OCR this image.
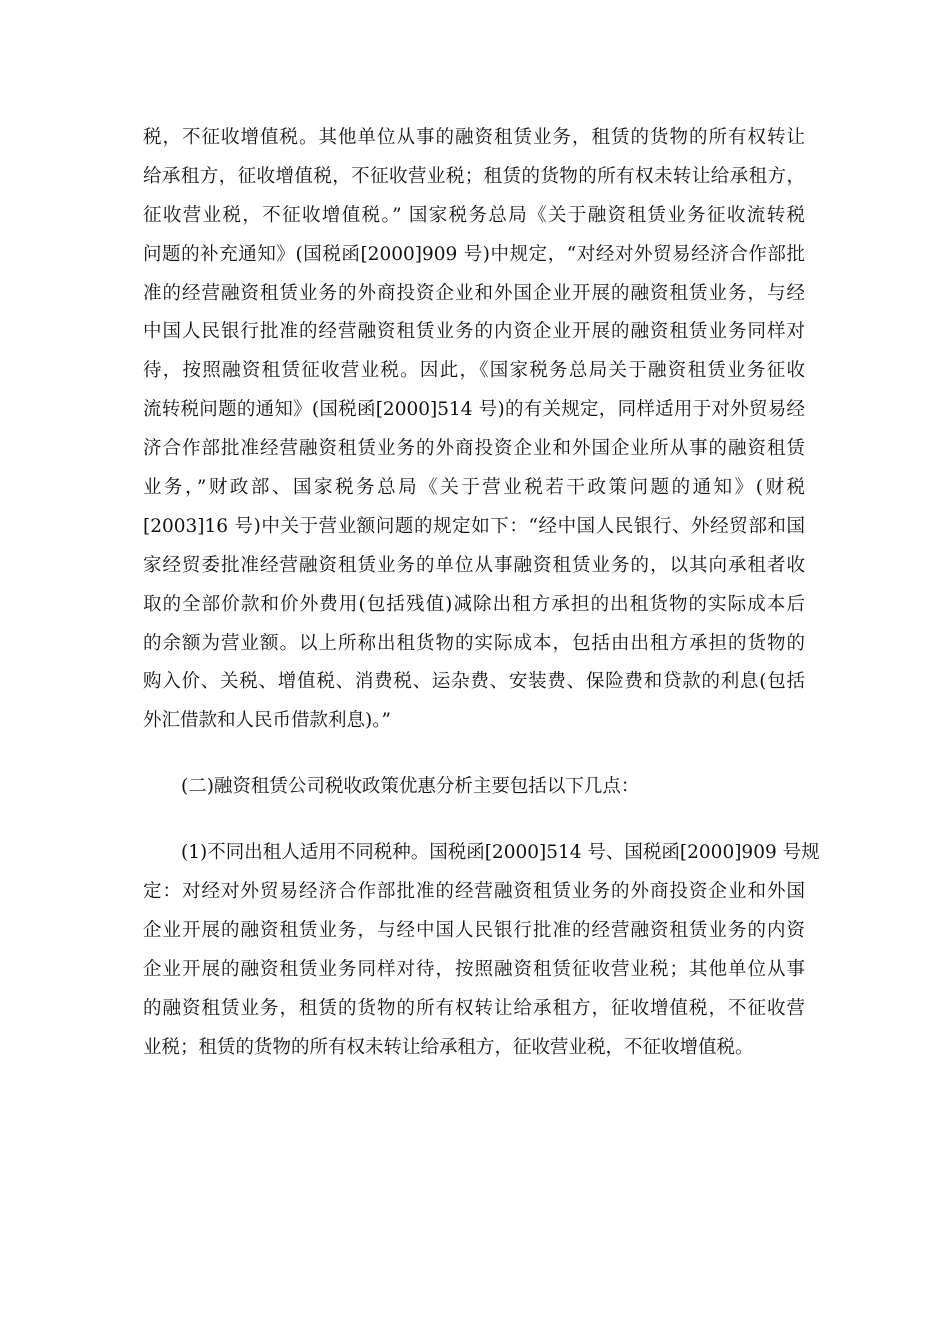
税，不征收增值税。其他单位从事的融资租赁业务，租赁的货物的所有权转让
给承租方，征收增值税，不征收营业税；租赁的货物的所有权未转让给承租方，
征收营业税，不征收增值税。” 国家税务总局《关于融资租赁业务征收流转税
问题的补充通知》(国税函[2000]909 号)中规定，“对经对外贸易经济合作部批
准的经营融资租赁业务的外商投资企业和外国企业开展的融资租赁业务，与经
中国人民银行批准的经营融资租赁业务的内资企业开展的融资租赁业务同样对
待，按照融资租赁征收营业税。因此，《国家税务总局关于融资租赁业务征收
流转税问题的通知》(国税函[2000]514 号)的有关规定，同样适用于对外贸易经
济合作部批准经营融资租赁业务的外商投资企业和外国企业所从事的融资租赁
业务，”财政部、国家税务总局《关于营业税若干政策问题的通知》(财税
[2003]16 号)中关于营业额问题的规定如下：“经中国人民银行、外经贸部和国
家经贸委批准经营融资租赁业务的单位从事融资租赁业务的，以其向承租者收
取的全部价款和价外费用(包括残值)减除出租方承担的出租货物的实际成本后
的余额为营业额。以上所称出租货物的实际成本，包括由出租方承担的货物的
购入价、关税、增值税、消费税、运杂费、安装费、保险费和贷款的利息(包括
外汇借款和人民币借款利息)。”
(二)融资租赁公司税收政策优惠分析主要包括以下几点：
(1)不同出租人适用不同税种。国税函[2000]514 号、国税函[2000]909 号规
定：对经对外贸易经济合作部批准的经营融资租赁业务的外商投资企业和外国
企业开展的融资租赁业务，与经中国人民银行批准的经营融资租赁业务的内资
企业开展的融资租赁业务同样对待，按照融资租赁征收营业税；其他单位从事
的融资租赁业务，租赁的货物的所有权转让给承租方，征收增值税，不征收营
业税；租赁的货物的所有权未转让给承租方，征收营业税，不征收增值税。
